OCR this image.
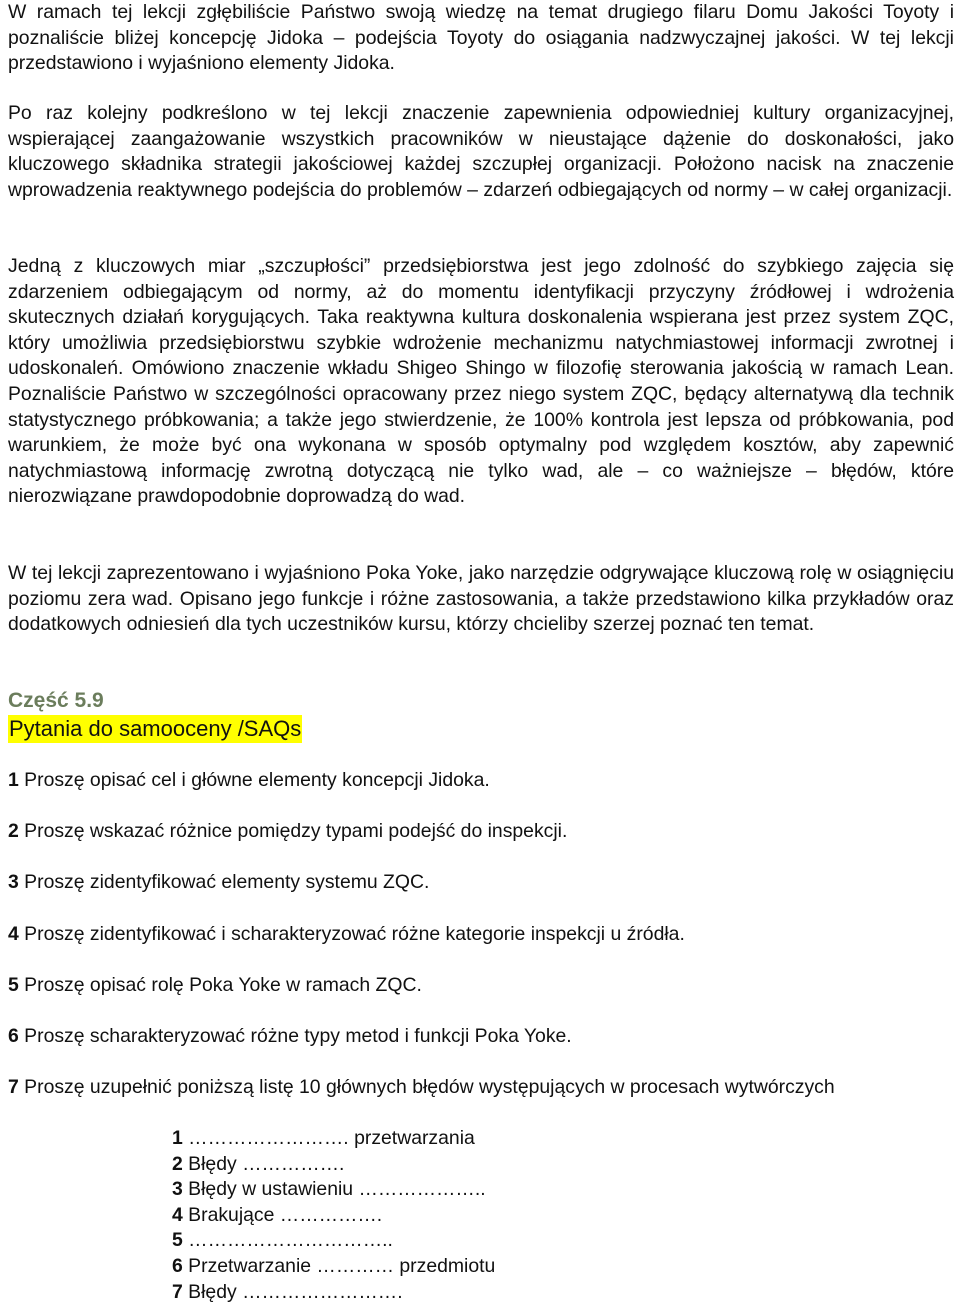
W ramach tej lekcji zgłębiliście Państwo swoją wiedzę na temat drugiego filaru Domu Jakości Toyoty i poznaliście bliżej koncepcję Jidoka – podejścia Toyoty do osiągania nadzwyczajnej jakości. W tej lekcji przedstawiono i wyjaśniono elementy Jidoka.

Po raz kolejny podkreślono w tej lekcji znaczenie zapewnienia odpowiedniej kultury organizacyjnej, wspierającej zaangażowanie wszystkich pracowników w nieustające dążenie do doskonałości, jako kluczowego składnika strategii jakościowej każdej szczupłej organizacji. Położono nacisk na znaczenie wprowadzenia reaktywnego podejścia do problemów – zdarzeń odbiegających od normy – w całej organizacji.

Jedną z kluczowych miar „szczupłości” przedsiębiorstwa jest jego zdolność do szybkiego zajęcia się zdarzeniem odbiegającym od normy, aż do momentu identyfikacji przyczyny źródłowej i wdrożenia skutecznych działań korygujących. Taka reaktywna kultura doskonalenia wspierana jest przez system ZQC, który umożliwia przedsiębiorstwu szybkie wdrożenie mechanizmu natychmiastowej informacji zwrotnej i udoskonaleń. Omówiono znaczenie wkładu Shigeo Shingo w filozofię sterowania jakością w ramach Lean. Poznaliście Państwo w szczególności opracowany przez niego system ZQC, będący alternatywą dla technik statystycznego próbkowania; a także jego stwierdzenie, że 100% kontrola jest lepsza od próbkowania, pod warunkiem, że może być ona wykonana w sposób optymalny pod względem kosztów, aby zapewnić natychmiastową informację zwrotną dotyczącą nie tylko wad, ale – co ważniejsze – błędów, które nierozwiązane prawdopodobnie doprowadzą do wad.

W tej lekcji zaprezentowano i wyjaśniono Poka Yoke, jako narzędzie odgrywające kluczową rolę w osiągnięciu poziomu zera wad. Opisano jego funkcje i różne zastosowania, a także przedstawiono kilka przykładów oraz dodatkowych odniesień dla tych uczestników kursu, którzy chcieliby szerzej poznać ten temat.

Część 5.9
Pytania do samooceny /SAQs

1 Proszę opisać cel i główne elementy koncepcji Jidoka.

2 Proszę wskazać różnice pomiędzy typami podejść do inspekcji.

3 Proszę zidentyfikować elementy systemu ZQC.

4 Proszę zidentyfikować i scharakteryzować różne kategorie inspekcji u źródła.

5 Proszę opisać rolę Poka Yoke w ramach ZQC.

6 Proszę scharakteryzować różne typy metod i funkcji Poka Yoke.

7 Proszę uzupełnić poniższą listę 10 głównych błędów występujących w procesach wytwórczych

1 ……………………. przetwarzania
2 Błędy …………….
3 Błędy w ustawieniu ………………..
4 Brakujące …………….
5 …………………………..
6 Przetwarzanie ………… przedmiotu
7 Błędy …………………….
